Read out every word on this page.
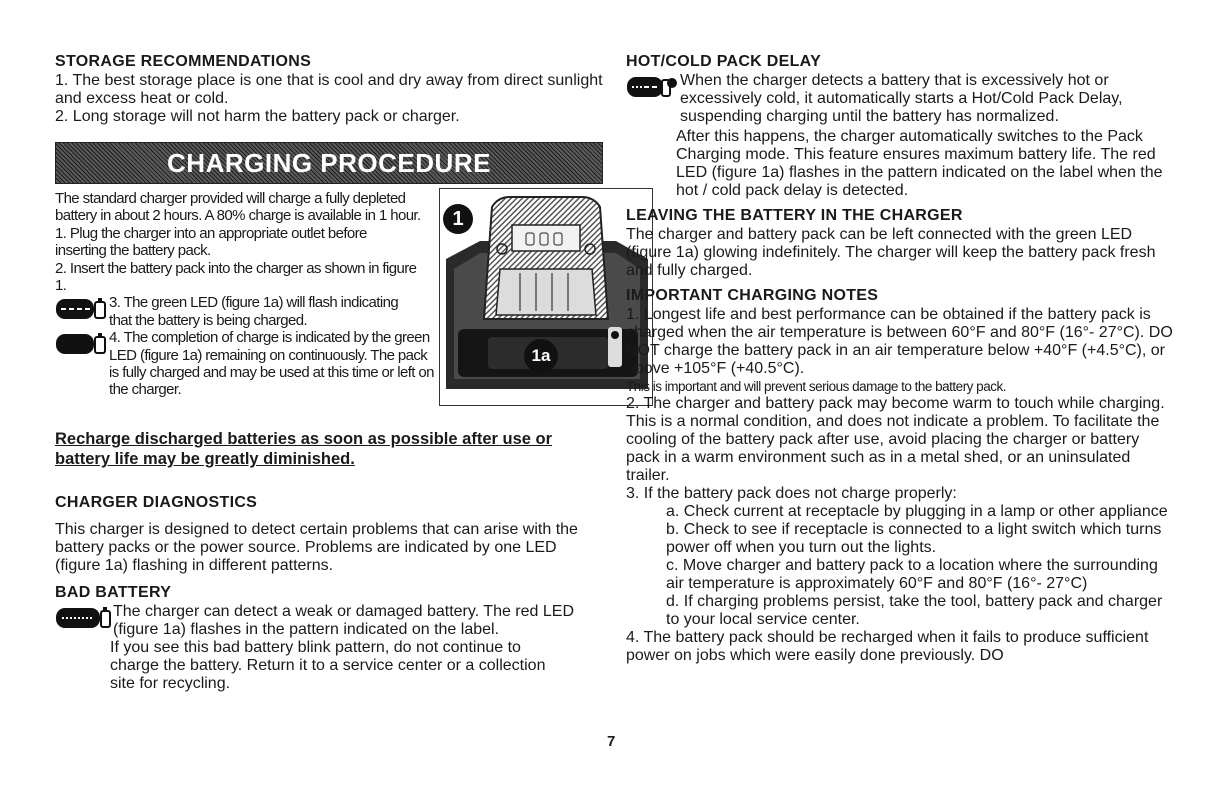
STORAGE RECOMMENDATIONS

1. The best storage place is one that is cool and dry away from direct sunlight and excess heat or cold.

2. Long storage will not harm the battery pack or charger.

CHARGING PROCEDURE

The standard charger provided will charge a fully depleted battery in about 2 hours. A 80% charge is available in 1 hour.

1. Plug the charger into an appropriate outlet before inserting the battery pack.

2. Insert the battery pack into the charger as shown in figure 1.

3. The green LED (figure 1a) will flash indicating that the battery is being charged.

4. The completion of charge is indicated by the green LED (figure 1a) remaining on continuously. The pack is fully charged and may be used at this time or left on the charger.

1
1a

Recharge discharged batteries as soon as possible after use or battery life may be greatly diminished.

CHARGER DIAGNOSTICS

This charger is designed to detect certain problems that can arise with the battery packs or the power source. Problems are indicated by one LED (figure 1a) flashing in different patterns.

BAD BATTERY

The charger can detect a weak or damaged battery. The red LED (figure 1a) flashes in the pattern indicated on the label.

If you see this bad battery blink pattern, do not continue to charge the battery. Return it to a service center or a collection site for recycling.

HOT/COLD PACK DELAY

When the charger detects a battery that is excessively hot or excessively cold, it automatically starts a Hot/Cold Pack Delay, suspending charging until the battery has normalized.

After this happens, the charger automatically switches to the Pack Charging mode. This feature ensures maximum battery life. The red LED (figure 1a) flashes in the pattern indicated on the label when the hot / cold pack delay is detected.

LEAVING THE BATTERY IN THE CHARGER

The charger and battery pack can be left connected with the green LED (figure 1a) glowing indefinitely. The charger will keep the battery pack fresh and fully charged.

IMPORTANT CHARGING NOTES

1. Longest life and best performance can be obtained if the battery pack is charged when the air temperature is between 60°F and 80°F (16°- 27°C). DO NOT charge the battery pack in an air temperature below +40°F (+4.5°C), or above +105°F (+40.5°C).

This is important and will prevent serious damage to the battery pack.

2. The charger and battery pack may become warm to touch while charging. This is a normal condition, and does not indicate a problem. To facilitate the cooling of the battery pack after use, avoid placing the charger or battery pack in a warm environment such as in a metal shed, or an uninsulated trailer.

3. If the battery pack does not charge properly:

a. Check current at receptacle by plugging in a lamp or other appliance

b. Check to see if receptacle is connected to a light switch which turns power off when you turn out the lights.

c. Move charger and battery pack to a location where the surrounding air temperature is approximately 60°F and 80°F (16°- 27°C)

d. If charging problems persist, take the tool, battery pack and charger to your local service center.

4. The battery pack should be recharged when it fails to produce sufficient power on jobs which were easily done previously. DO

7
